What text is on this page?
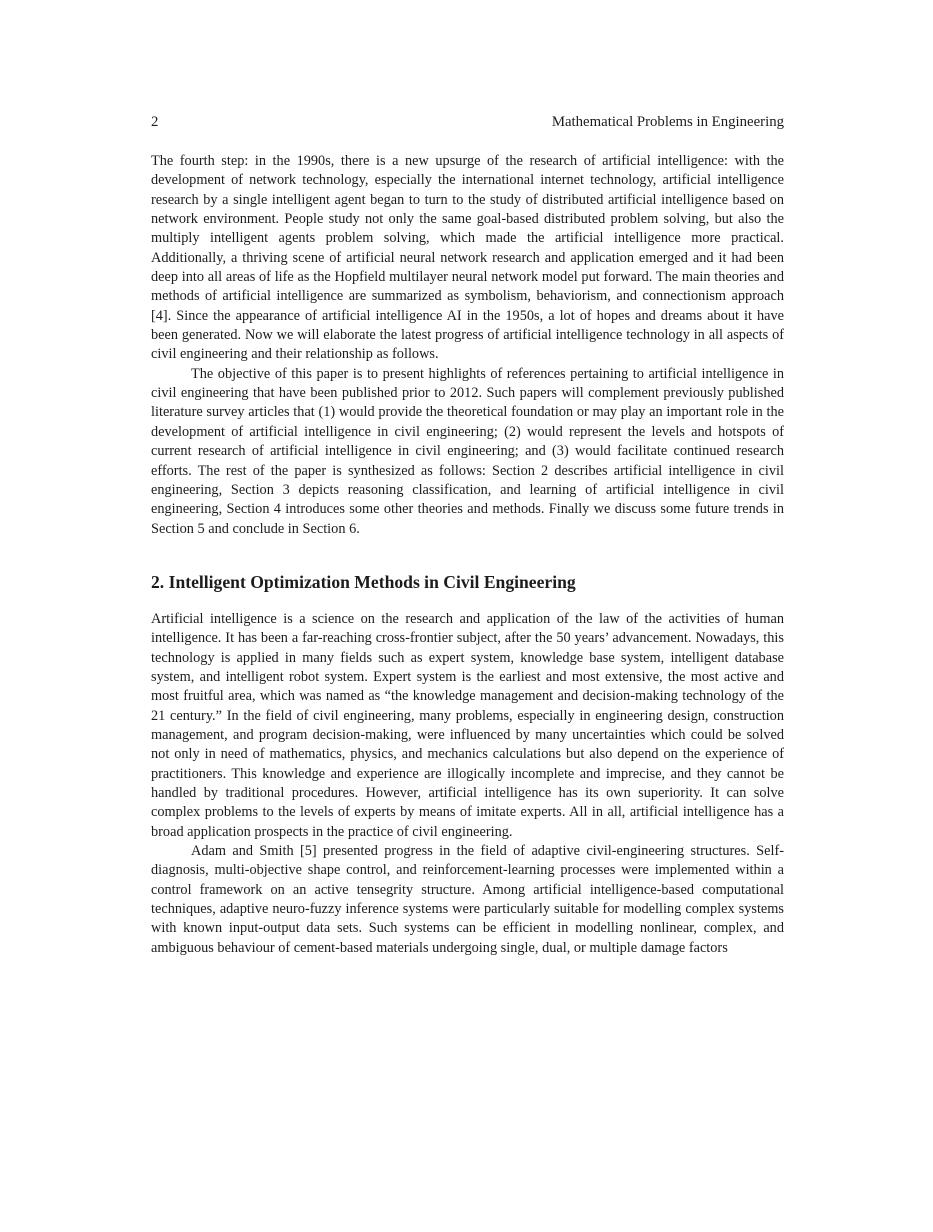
2	Mathematical Problems in Engineering

The fourth step: in the 1990s, there is a new upsurge of the research of artificial intelligence: with the development of network technology, especially the international internet technology, artificial intelligence research by a single intelligent agent began to turn to the study of distributed artificial intelligence based on network environment. People study not only the same goal-based distributed problem solving, but also the multiply intelligent agents problem solving, which made the artificial intelligence more practical. Additionally, a thriving scene of artificial neural network research and application emerged and it had been deep into all areas of life as the Hopfield multilayer neural network model put forward. The main theories and methods of artificial intelligence are summarized as symbolism, behaviorism, and connectionism approach [4]. Since the appearance of artificial intelligence AI in the 1950s, a lot of hopes and dreams about it have been generated. Now we will elaborate the latest progress of artificial intelligence technology in all aspects of civil engineering and their relationship as follows.

The objective of this paper is to present highlights of references pertaining to artificial intelligence in civil engineering that have been published prior to 2012. Such papers will complement previously published literature survey articles that (1) would provide the theoretical foundation or may play an important role in the development of artificial intelligence in civil engineering; (2) would represent the levels and hotspots of current research of artificial intelligence in civil engineering; and (3) would facilitate continued research efforts. The rest of the paper is synthesized as follows: Section 2 describes artificial intelligence in civil engineering, Section 3 depicts reasoning classification, and learning of artificial intelligence in civil engineering, Section 4 introduces some other theories and methods. Finally we discuss some future trends in Section 5 and conclude in Section 6.

2. Intelligent Optimization Methods in Civil Engineering

Artificial intelligence is a science on the research and application of the law of the activities of human intelligence. It has been a far-reaching cross-frontier subject, after the 50 years’ advancement. Nowadays, this technology is applied in many fields such as expert system, knowledge base system, intelligent database system, and intelligent robot system. Expert system is the earliest and most extensive, the most active and most fruitful area, which was named as “the knowledge management and decision-making technology of the 21 century.” In the field of civil engineering, many problems, especially in engineering design, construction management, and program decision-making, were influenced by many uncertainties which could be solved not only in need of mathematics, physics, and mechanics calculations but also depend on the experience of practitioners. This knowledge and experience are illogically incomplete and imprecise, and they cannot be handled by traditional procedures. However, artificial intelligence has its own superiority. It can solve complex problems to the levels of experts by means of imitate experts. All in all, artificial intelligence has a broad application prospects in the practice of civil engineering.

Adam and Smith [5] presented progress in the field of adaptive civil-engineering structures. Self-diagnosis, multi-objective shape control, and reinforcement-learning processes were implemented within a control framework on an active tensegrity structure. Among artificial intelligence-based computational techniques, adaptive neuro-fuzzy inference systems were particularly suitable for modelling complex systems with known input-output data sets. Such systems can be efficient in modelling nonlinear, complex, and ambiguous behaviour of cement-based materials undergoing single, dual, or multiple damage factors
